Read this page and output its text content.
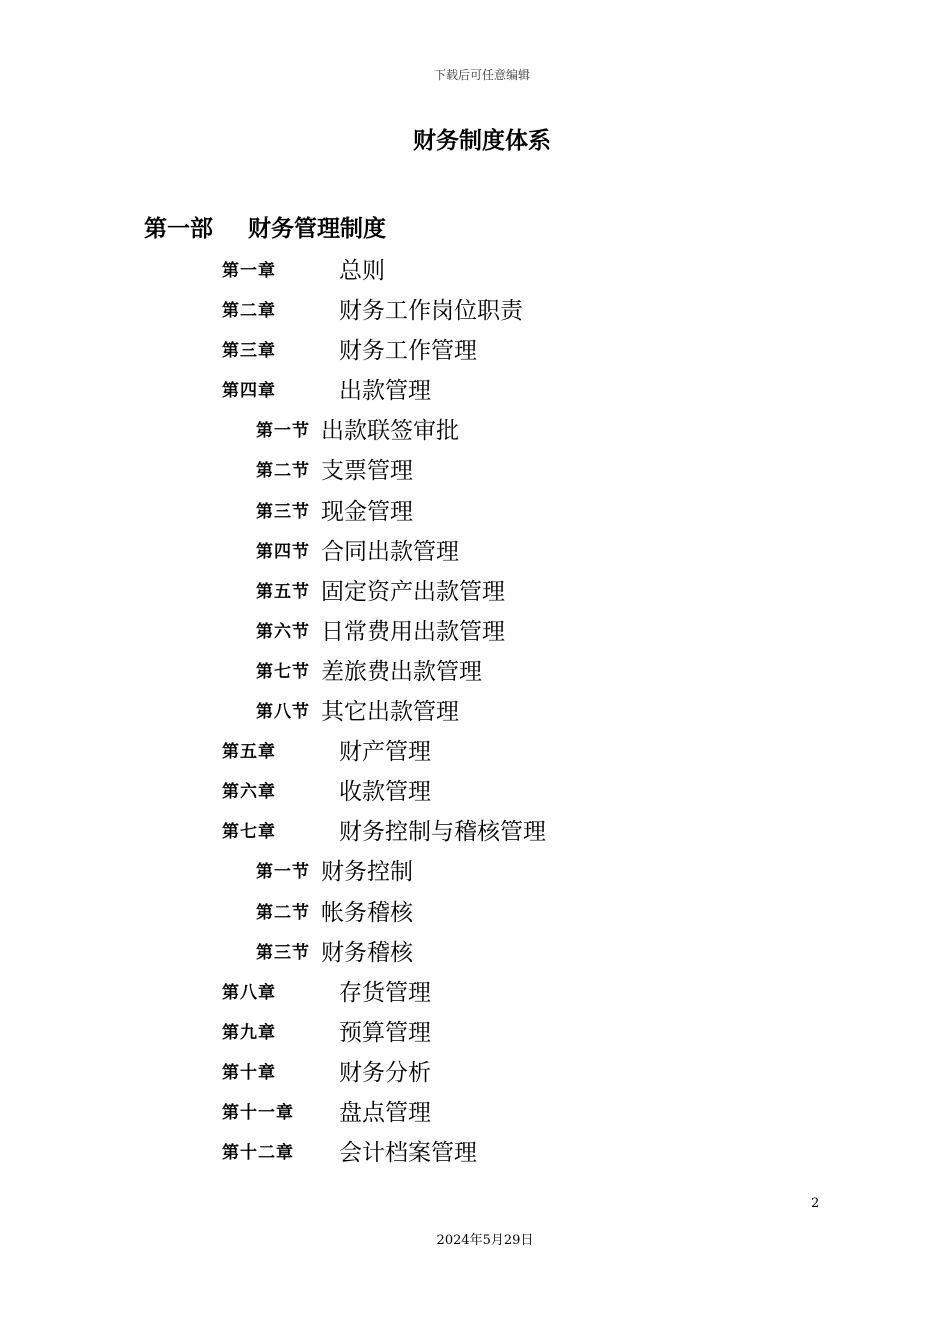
下载后可任意编辑
财务制度体系
第一部 财务管理制度
第一章	总则
第二章	财务工作岗位职责
第三章	财务工作管理
第四章	出款管理
第一节 出款联签审批
第二节 支票管理
第三节 现金管理
第四节 合同出款管理
第五节 固定资产出款管理
第六节 日常费用出款管理
第七节 差旅费出款管理
第八节 其它出款管理
第五章	财产管理
第六章	收款管理
第七章	财务控制与稽核管理
第一节 财务控制
第二节 帐务稽核
第三节 财务稽核
第八章	存货管理
第九章	预算管理
第十章	财务分析
第十一章 盘点管理
第十二章 会计档案管理
2
2024年5月29日
